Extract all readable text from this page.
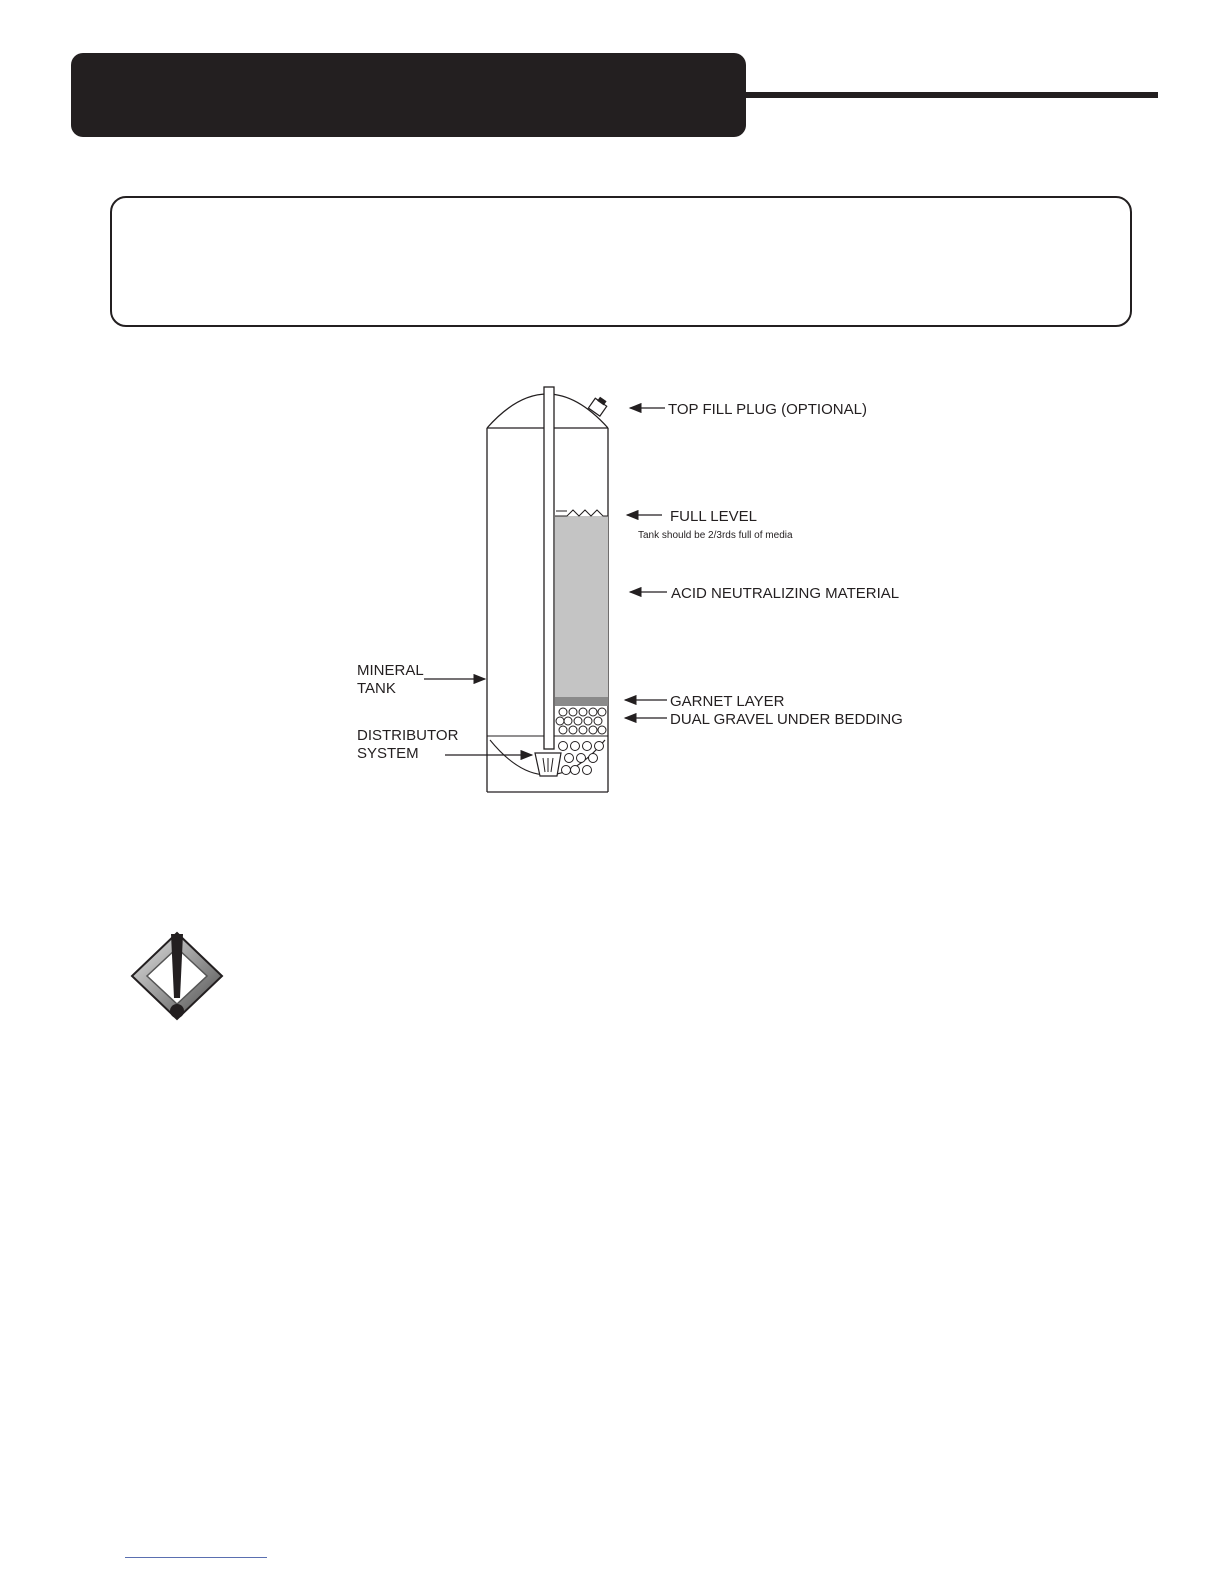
TOP FILL PLUG (OPTIONAL)
FULL LEVEL
Tank should be 2/3rds full of media
ACID NEUTRALIZING MATERIAL
GARNET LAYER
DUAL GRAVEL UNDER BEDDING
MINERAL
TANK
DISTRIBUTOR
SYSTEM
